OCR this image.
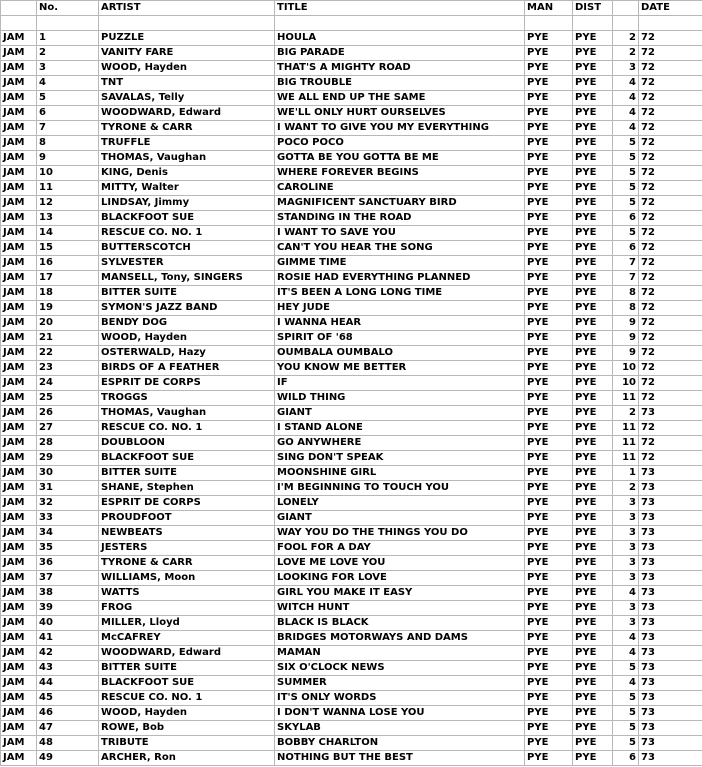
	No.	ARTIST	TITLE	MAN	DIST		DATE

JAM	1	PUZZLE	HOULA	PYE	PYE	2	72
JAM	2	VANITY FARE	BIG PARADE	PYE	PYE	2	72
JAM	3	WOOD, Hayden	THAT'S A MIGHTY ROAD	PYE	PYE	3	72
JAM	4	TNT	BIG TROUBLE	PYE	PYE	4	72
JAM	5	SAVALAS, Telly	WE ALL END UP THE SAME	PYE	PYE	4	72
JAM	6	WOODWARD, Edward	WE'LL ONLY HURT OURSELVES	PYE	PYE	4	72
JAM	7	TYRONE & CARR	I WANT TO GIVE YOU MY EVERYTHING	PYE	PYE	4	72
JAM	8	TRUFFLE	POCO POCO	PYE	PYE	5	72
JAM	9	THOMAS, Vaughan	GOTTA BE YOU GOTTA BE ME	PYE	PYE	5	72
JAM	10	KING, Denis	WHERE FOREVER BEGINS	PYE	PYE	5	72
JAM	11	MITTY, Walter	CAROLINE	PYE	PYE	5	72
JAM	12	LINDSAY, Jimmy	MAGNIFICENT SANCTUARY BIRD	PYE	PYE	5	72
JAM	13	BLACKFOOT SUE	STANDING IN THE ROAD	PYE	PYE	6	72
JAM	14	RESCUE CO. NO. 1	I WANT TO SAVE YOU	PYE	PYE	5	72
JAM	15	BUTTERSCOTCH	CAN'T YOU HEAR THE SONG	PYE	PYE	6	72
JAM	16	SYLVESTER	GIMME TIME	PYE	PYE	7	72
JAM	17	MANSELL, Tony, SINGERS	ROSIE HAD EVERYTHING PLANNED	PYE	PYE	7	72
JAM	18	BITTER SUITE	IT'S BEEN A LONG LONG TIME	PYE	PYE	8	72
JAM	19	SYMON'S JAZZ BAND	HEY JUDE	PYE	PYE	8	72
JAM	20	BENDY DOG	I WANNA HEAR	PYE	PYE	9	72
JAM	21	WOOD, Hayden	SPIRIT OF '68	PYE	PYE	9	72
JAM	22	OSTERWALD, Hazy	OUMBALA OUMBALO	PYE	PYE	9	72
JAM	23	BIRDS OF A FEATHER	YOU KNOW ME BETTER	PYE	PYE	10	72
JAM	24	ESPRIT DE CORPS	IF	PYE	PYE	10	72
JAM	25	TROGGS	WILD THING	PYE	PYE	11	72
JAM	26	THOMAS, Vaughan	GIANT	PYE	PYE	2	73
JAM	27	RESCUE CO. NO. 1	I STAND ALONE	PYE	PYE	11	72
JAM	28	DOUBLOON	GO ANYWHERE	PYE	PYE	11	72
JAM	29	BLACKFOOT SUE	SING DON'T SPEAK	PYE	PYE	11	72
JAM	30	BITTER SUITE	MOONSHINE GIRL	PYE	PYE	1	73
JAM	31	SHANE, Stephen	I'M BEGINNING TO TOUCH YOU	PYE	PYE	2	73
JAM	32	ESPRIT DE CORPS	LONELY	PYE	PYE	3	73
JAM	33	PROUDFOOT	GIANT	PYE	PYE	3	73
JAM	34	NEWBEATS	WAY YOU DO THE THINGS YOU DO	PYE	PYE	3	73
JAM	35	JESTERS	FOOL FOR A DAY	PYE	PYE	3	73
JAM	36	TYRONE & CARR	LOVE ME LOVE YOU	PYE	PYE	3	73
JAM	37	WILLIAMS, Moon	LOOKING FOR LOVE	PYE	PYE	3	73
JAM	38	WATTS	GIRL YOU MAKE IT EASY	PYE	PYE	4	73
JAM	39	FROG	WITCH HUNT	PYE	PYE	3	73
JAM	40	MILLER, Lloyd	BLACK IS BLACK	PYE	PYE	3	73
JAM	41	McCAFREY	BRIDGES MOTORWAYS AND DAMS	PYE	PYE	4	73
JAM	42	WOODWARD, Edward	MAMAN	PYE	PYE	4	73
JAM	43	BITTER SUITE	SIX O'CLOCK NEWS	PYE	PYE	5	73
JAM	44	BLACKFOOT SUE	SUMMER	PYE	PYE	4	73
JAM	45	RESCUE CO. NO. 1	IT'S ONLY WORDS	PYE	PYE	5	73
JAM	46	WOOD, Hayden	I DON'T WANNA LOSE YOU	PYE	PYE	5	73
JAM	47	ROWE, Bob	SKYLAB	PYE	PYE	5	73
JAM	48	TRIBUTE	BOBBY CHARLTON	PYE	PYE	5	73
JAM	49	ARCHER, Ron	NOTHING BUT THE BEST	PYE	PYE	6	73
